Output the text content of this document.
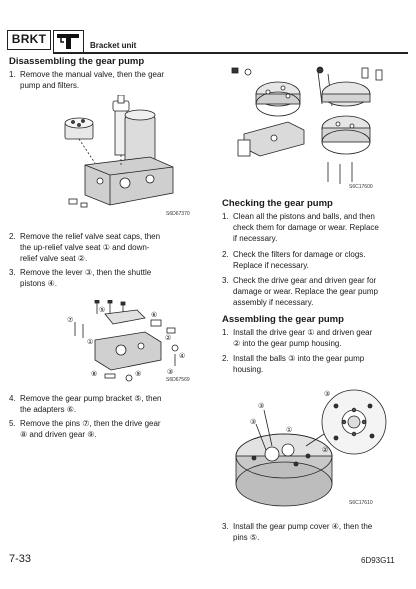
BRKT	Bracket unit
Disassembling the gear pump
1. Remove the manual valve, then the gear
pump and filters.
S6D67370
2. Remove the relief valve seat caps, then
the up-relief valve seat ① and down-
relief valve seat ②.
3. Remove the lever ③, then the shuttle
pistons ④.
⑦
⑤
⑥
①	②
⑧	⑨
④
③
S6D67569
4. Remove the gear pump bracket ⑤, then
the adapters ⑥.
5. Remove the pins ⑦, then the drive gear
⑧ and driven gear ⑨.
S6C17600
Checking the gear pump
1. Clean all the pistons and balls, and then
check them for damage or wear. Replace
if necessary.
2. Check the filters for damage or clogs.
Replace if necessary.
3. Check the drive gear and driven gear for
damage or wear. Replace the gear pump
assembly if necessary.
Assembling the gear pump
1. Install the drive gear ① and driven gear
② into the gear pump housing.
2. Install the balls ③ into the gear pump
housing.
③
③
①
②
③
S6C17610
3. Install the gear pump cover ④, then the
pins ⑤.
7-33	6D93G11
